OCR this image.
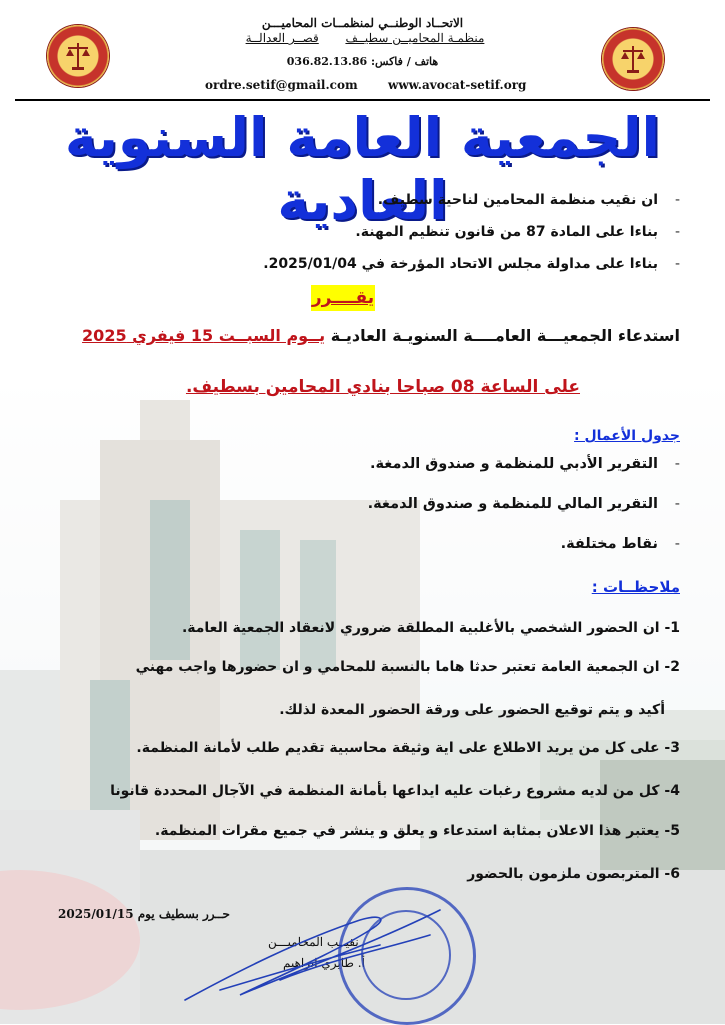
الاتحــاد الوطنــي لمنظمــات المحاميـــن
منظمـة المحاميــن سطيــف       قصــر العدالــة
هاتف / فاكس: 036.82.13.86
ordre.setif@gmail.com	www.avocat-setif.org
الجمعية العامة السنوية العادية	-ان نقيب منظمة المحامين لناحية سطيف.
-بناءا على المادة 87 من قانون تنظيم المهنة.
-بناءا على مداولة مجلس الاتحاد المؤرخة في 2025/01/04.
يقــــرر
استدعاء الجمعيـــة العامــــة السنويـة العاديـة يــوم السبــت 15 فيفري 2025
على الساعة 08 صباحا بنادي المحامين بسطيف.
جدول الأعمال :
-التقرير الأدبي للمنظمة و صندوق الدمغة.
-التقرير المالي للمنظمة و صندوق الدمغة.
-نقاط مختلفة.
ملاحظــات :
1- ان الحضور الشخصي بالأغلبية المطلقة ضروري لانعقاد الجمعية العامة.
2- ان الجمعية العامة تعتبر حدثا هاما بالنسبة للمحامي و ان حضورها واجب مهني
أكيد و يتم توقيع الحضور على ورقة الحضور المعدة لذلك.
3- على كل من يريد الاطلاع على اية وثيقة محاسبية تقديم طلب لأمانة المنظمة.
4- كل من لديه مشروع رغبات عليه ايداعها بأمانة المنظمة في الآجال المحددة قانونا
5- يعتبر هذا الاعلان بمثابة استدعاء و يعلق و ينشر في جميع مقرات المنظمة.
6- المتربصون ملزمون بالحضور
حــرر بسطيف يوم 2025/01/15
نقيــب المحاميـــن
أ. طايري ابراهيم
